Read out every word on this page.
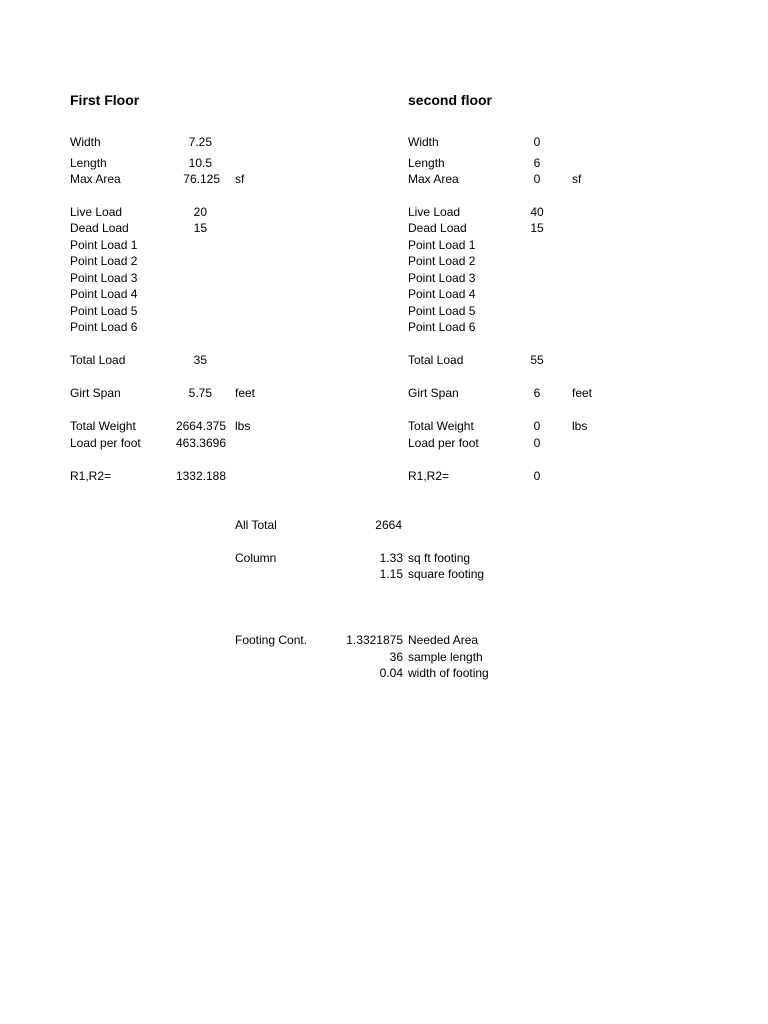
First Floor
Width	7.25
Length	10.5
Max Area	76.125 sf
Live Load	20
Dead Load	15
Point Load 1
Point Load 2
Point Load 3
Point Load 4
Point Load 5
Point Load 6
Total Load	35
Girt Span	5.75 feet
Total Weight	2664.375 lbs
Load per foot	463.3696
R1,R2=	1332.188
second floor
Width	0
Length	6
Max Area	0	sf
Live Load	40
Dead Load	15
Point Load 1
Point Load 2
Point Load 3
Point Load 4
Point Load 5
Point Load 6
Total Load	55
Girt Span	6	feet
Total Weight	0	lbs
Load per foot	0
R1,R2=	0
All Total	2664
Column	1.33 sq ft footing
1.15 square footing
Footing Cont.	1.3321875 Needed Area
36 sample length
0.04 width of footing
